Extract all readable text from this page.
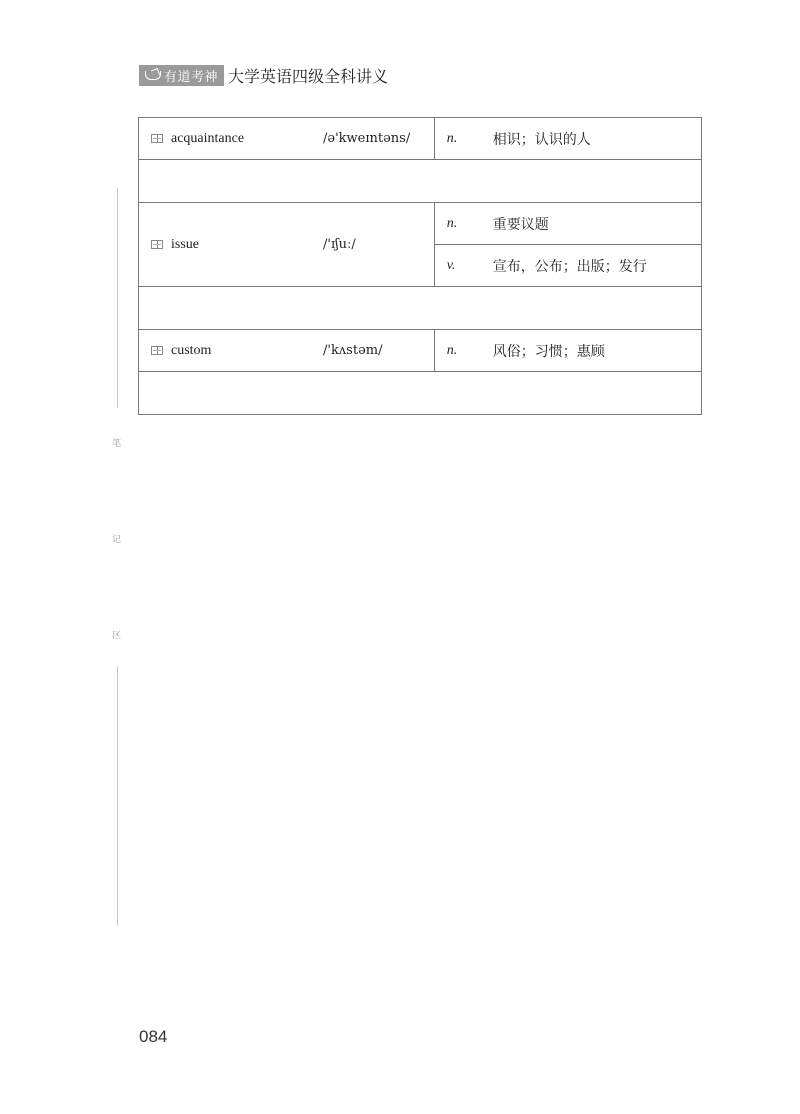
有道考神 大学英语四级全科讲义
笔
记
区
acquaintance /ə'kweɪntəns/	n. 相识；认识的人

issue /'ɪʃuː/	n. 重要议题

	v. 宣布，公布；出版；发行

custom /'kʌstəm/	n. 风俗；习惯；惠顾

084
